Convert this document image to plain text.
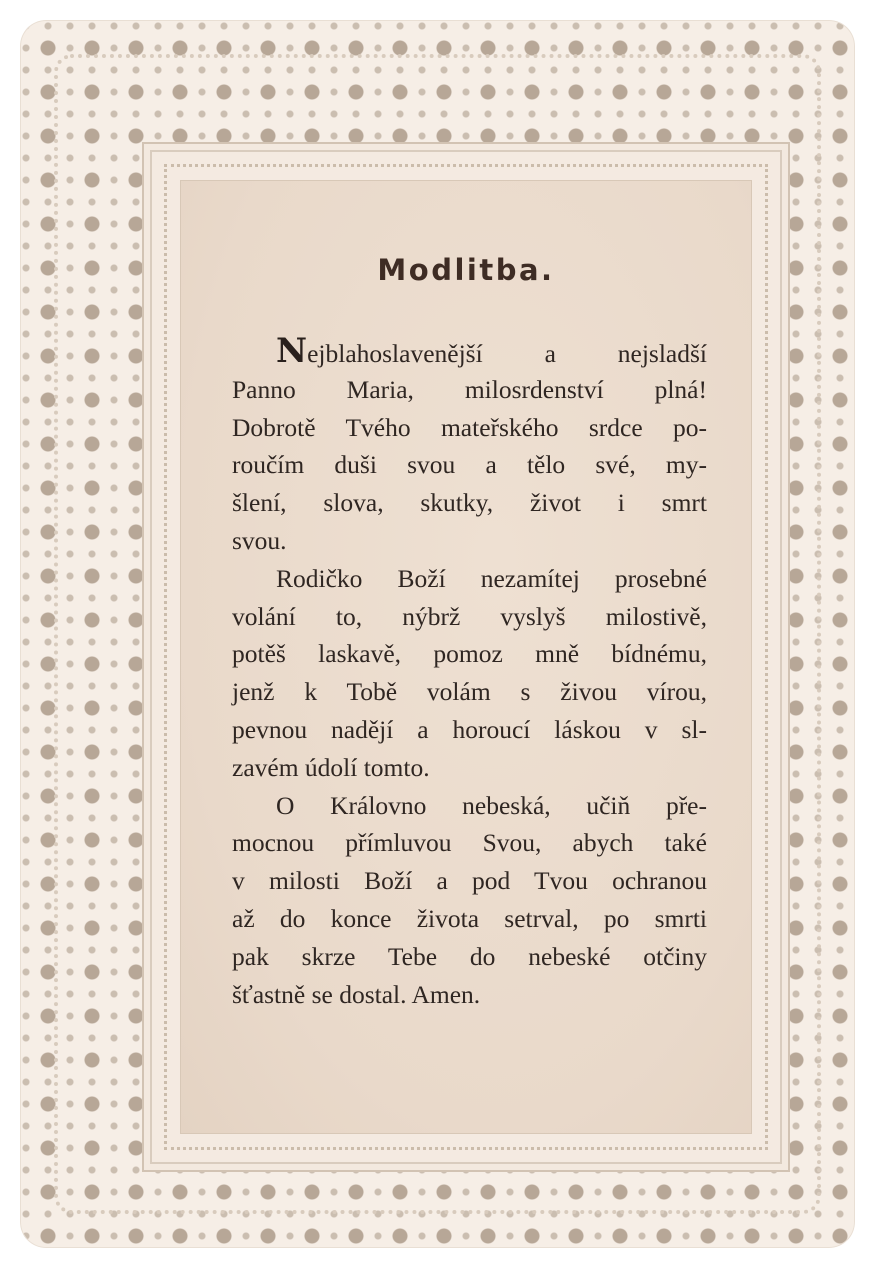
Modlitba.
Nejblahoslavenější a nejsladší
Panno Maria, milosrdenství plná!
Dobrotě Tvého mateřského srdce po-
roučím duši svou a tělo své, my-
šlení, slova, skutky, život i smrt
svou.
Rodičko Boží nezamítej prosebné
volání to, nýbrž vyslyš milostivě,
potěš laskavě, pomoz mně bídnému,
jenž k Tobě volám s živou vírou,
pevnou nadějí a horoucí láskou v sl-
zavém údolí tomto.
O Královno nebeská, učiň pře-
mocnou přímluvou Svou, abych také
v milosti Boží a pod Tvou ochranou
až do konce života setrval, po smrti
pak skrze Tebe do nebeské otčiny
šťastně se dostal. Amen.
